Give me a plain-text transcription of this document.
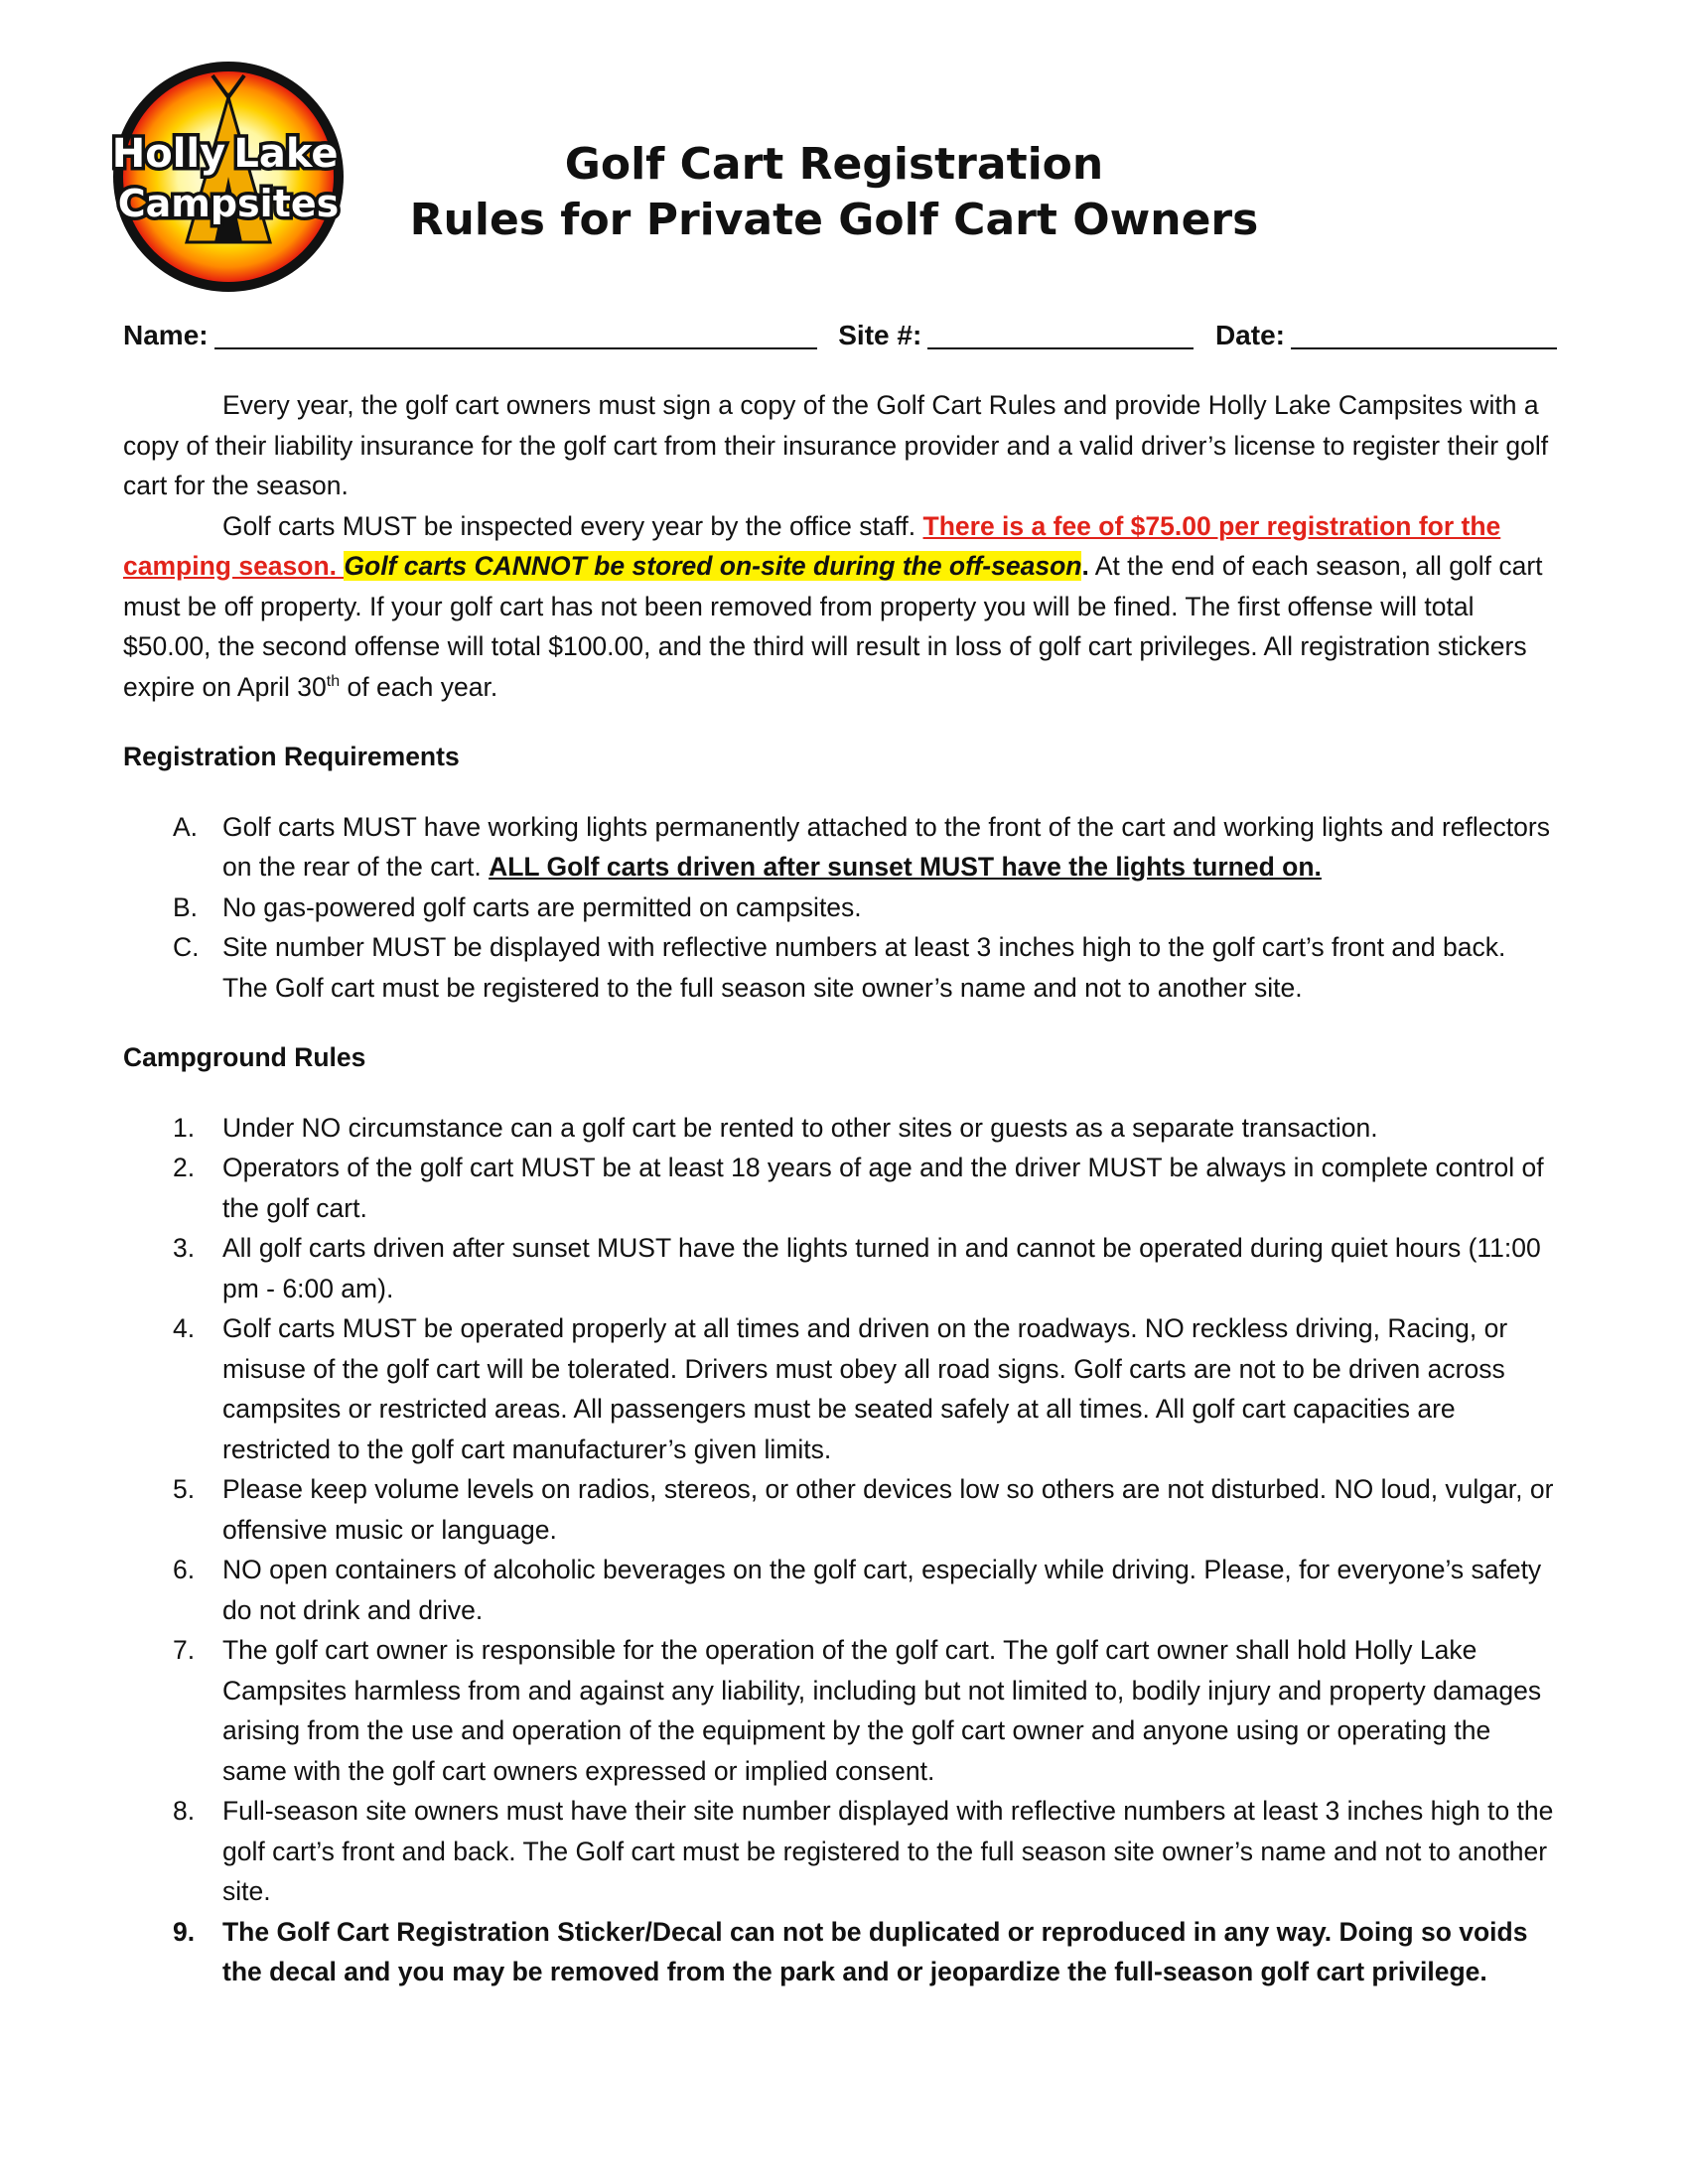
Holly Lake
Campsites
Golf Cart Registration
Rules for Private Golf Cart Owners
Name:	Site #:	Date:

Every year, the golf cart owners must sign a copy of the Golf Cart Rules and provide Holly Lake Campsites with a copy of their liability insurance for the golf cart from their insurance provider and a valid driver’s license to register their golf cart for the season.

Golf carts MUST be inspected every year by the office staff. There is a fee of $75.00 per registration for the camping season. Golf carts CANNOT be stored on-site during the off-season. At the end of each season, all golf cart must be off property. If your golf cart has not been removed from property you will be fined. The first offense will total $50.00, the second offense will total $100.00, and the third will result in loss of golf cart privileges. All registration stickers expire on April 30th of each year.

Registration Requirements
A. Golf carts MUST have working lights permanently attached to the front of the cart and working lights and reflectors on the rear of the cart. ALL Golf carts driven after sunset MUST have the lights turned on.
B. No gas-powered golf carts are permitted on campsites.
C. Site number MUST be displayed with reflective numbers at least 3 inches high to the golf cart’s front and back. The Golf cart must be registered to the full season site owner’s name and not to another site.
Campground Rules
1. Under NO circumstance can a golf cart be rented to other sites or guests as a separate transaction.
2. Operators of the golf cart MUST be at least 18 years of age and the driver MUST be always in complete control of the golf cart.
3. All golf carts driven after sunset MUST have the lights turned in and cannot be operated during quiet hours (11:00 pm - 6:00 am).
4. Golf carts MUST be operated properly at all times and driven on the roadways. NO reckless driving, Racing, or misuse of the golf cart will be tolerated. Drivers must obey all road signs. Golf carts are not to be driven across campsites or restricted areas. All passengers must be seated safely at all times. All golf cart capacities are restricted to the golf cart manufacturer’s given limits.
5. Please keep volume levels on radios, stereos, or other devices low so others are not disturbed. NO loud, vulgar, or offensive music or language.
6. NO open containers of alcoholic beverages on the golf cart, especially while driving. Please, for everyone’s safety do not drink and drive.
7. The golf cart owner is responsible for the operation of the golf cart. The golf cart owner shall hold Holly Lake Campsites harmless from and against any liability, including but not limited to, bodily injury and property damages arising from the use and operation of the equipment by the golf cart owner and anyone using or operating the same with the golf cart owners expressed or implied consent.
8. Full-season site owners must have their site number displayed with reflective numbers at least 3 inches high to the golf cart’s front and back. The Golf cart must be registered to the full season site owner’s name and not to another site.
9. The Golf Cart Registration Sticker/Decal can not be duplicated or reproduced in any way. Doing so voids the decal and you may be removed from the park and or jeopardize the full-season golf cart privilege.
